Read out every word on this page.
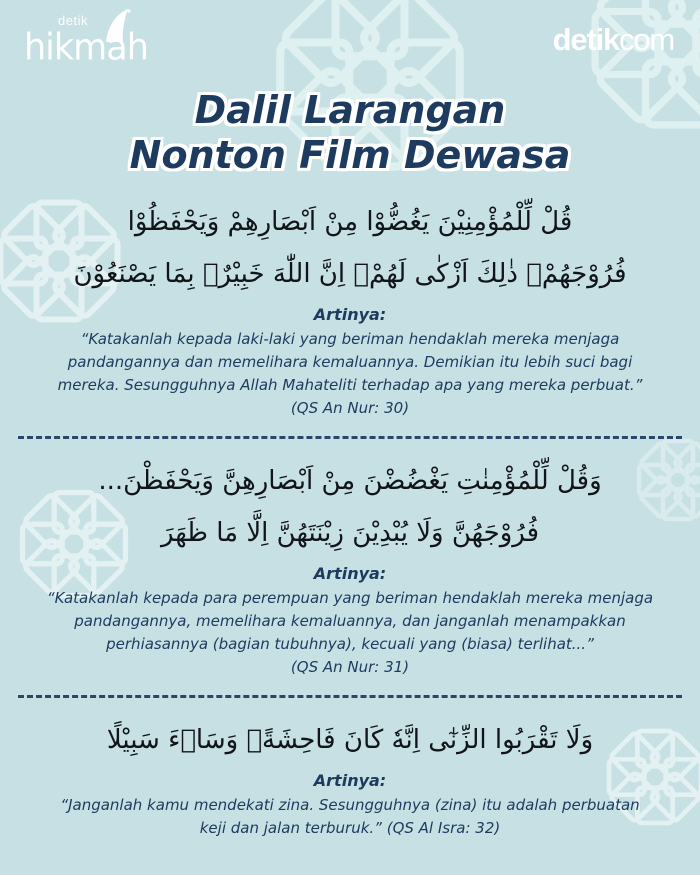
detik
hikmah	detikcom
Dalil Larangan
Nonton Film Dewasa

قُلْ لِّلْمُؤْمِنِيْنَ يَغُضُّوْا مِنْ اَبْصَارِهِمْ وَيَحْفَظُوْا

فُرُوْجَهُمْۗ ذٰلِكَ اَزْكٰى لَهُمْۗ اِنَّ اللّٰهَ خَبِيْرٌۢ بِمَا يَصْنَعُوْنَ

Artinya:

“Katakanlah kepada laki-laki yang beriman hendaklah mereka menjaga pandangannya dan memelihara kemaluannya. Demikian itu lebih suci bagi mereka. Sesungguhnya Allah Mahateliti terhadap apa yang mereka perbuat.”

(QS An Nur: 30)

وَقُلْ لِّلْمُؤْمِنٰتِ يَغْضُضْنَ مِنْ اَبْصَارِهِنَّ وَيَحْفَظْنَ...

فُرُوْجَهُنَّ وَلَا يُبْدِيْنَ زِيْنَتَهُنَّ اِلَّا مَا ظَهَرَ

Artinya:

“Katakanlah kepada para perempuan yang beriman hendaklah mereka menjaga pandangannya, memelihara kemaluannya, dan janganlah menampakkan perhiasannya (bagian tubuhnya), kecuali yang (biasa) terlihat...”

(QS An Nur: 31)

وَلَا تَقْرَبُوا الزِّنٰٓى اِنَّهٗ كَانَ فَاحِشَةًۗ وَسَاۤءَ سَبِيْلًا

Artinya:

“Janganlah kamu mendekati zina. Sesungguhnya (zina) itu adalah perbuatan keji dan jalan terburuk.” (QS Al Isra: 32)
